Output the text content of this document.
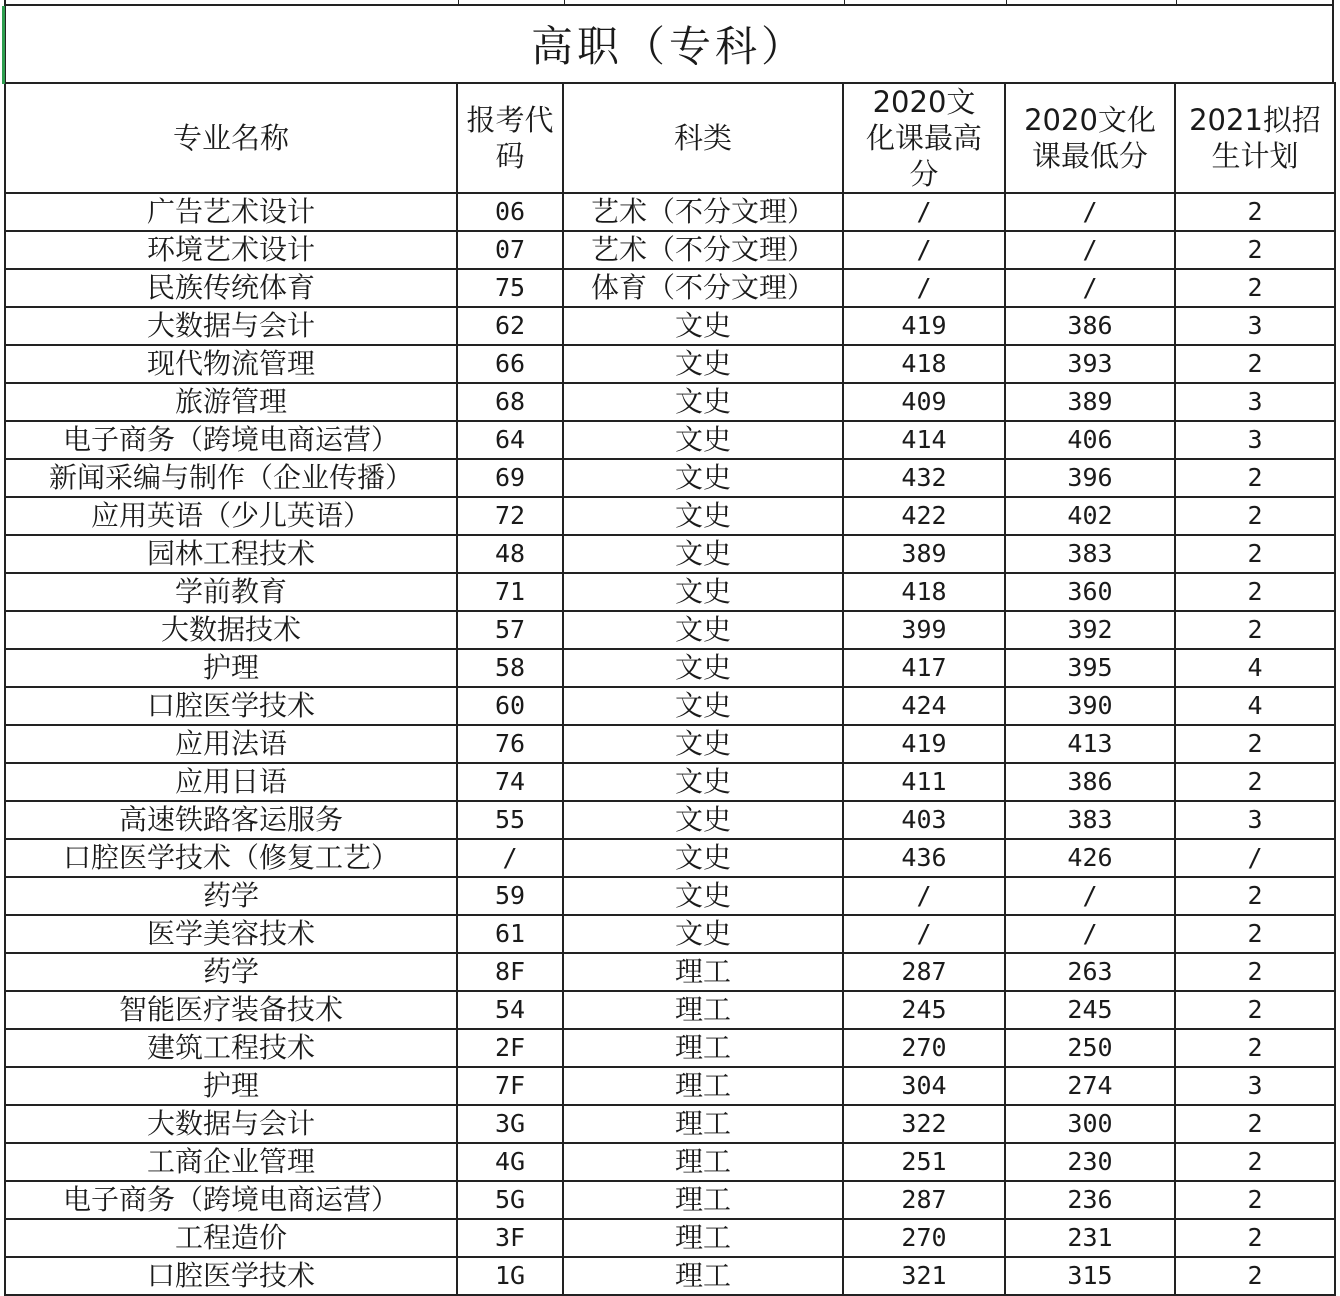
高职（专科）
专业名称	报考代码	科类	2020文化课最高分	2020文化课最低分	2021拟招生计划
广告艺术设计	06	艺术（不分文理）	/	/	2
环境艺术设计	07	艺术（不分文理）	/	/	2
民族传统体育	75	体育（不分文理）	/	/	2
大数据与会计	62	文史	419	386	3
现代物流管理	66	文史	418	393	2
旅游管理	68	文史	409	389	3
电子商务（跨境电商运营）	64	文史	414	406	3
新闻采编与制作（企业传播）	69	文史	432	396	2
应用英语（少儿英语）	72	文史	422	402	2
园林工程技术	48	文史	389	383	2
学前教育	71	文史	418	360	2
大数据技术	57	文史	399	392	2
护理	58	文史	417	395	4
口腔医学技术	60	文史	424	390	4
应用法语	76	文史	419	413	2
应用日语	74	文史	411	386	2
高速铁路客运服务	55	文史	403	383	3
口腔医学技术（修复工艺）	/	文史	436	426	/
药学	59	文史	/	/	2
医学美容技术	61	文史	/	/	2
药学	8F	理工	287	263	2
智能医疗装备技术	54	理工	245	245	2
建筑工程技术	2F	理工	270	250	2
护理	7F	理工	304	274	3
大数据与会计	3G	理工	322	300	2
工商企业管理	4G	理工	251	230	2
电子商务（跨境电商运营）	5G	理工	287	236	2
工程造价	3F	理工	270	231	2
口腔医学技术	1G	理工	321	315	2
